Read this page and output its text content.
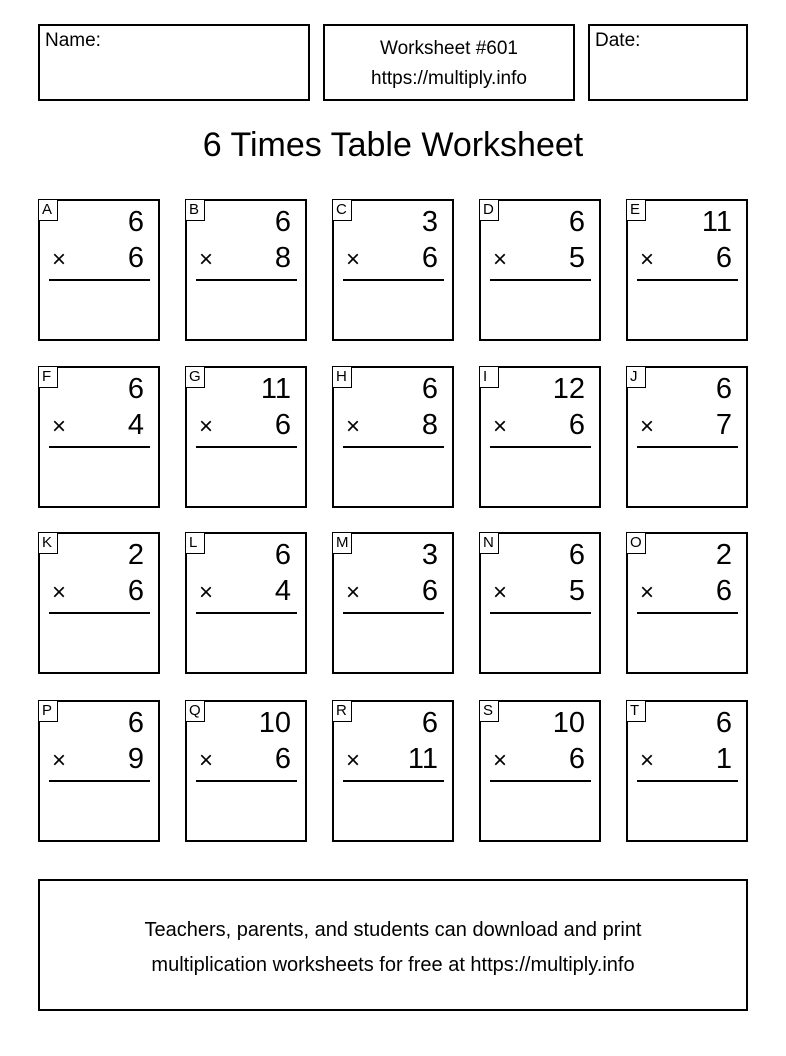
Name:	Worksheet #601
https://multiply.info
Date:
6 Times Table Worksheet
A	6
× 6
B	6
× 8
C	3
× 6
D	6
× 5
E 11
× 6
F	6
× 4
G 11
× 6
H	6
× 8
I	12
× 6
J	6
× 7
K	2
× 6
L	6
× 4
M	3
× 6
N	6
× 5
O	2
× 6
P	6
× 9
Q 10
× 6
R	6
× 11
S 10
× 6
T	6
× 1
Teachers, parents, and students can download and print
multiplication worksheets for free at https://multiply.info
